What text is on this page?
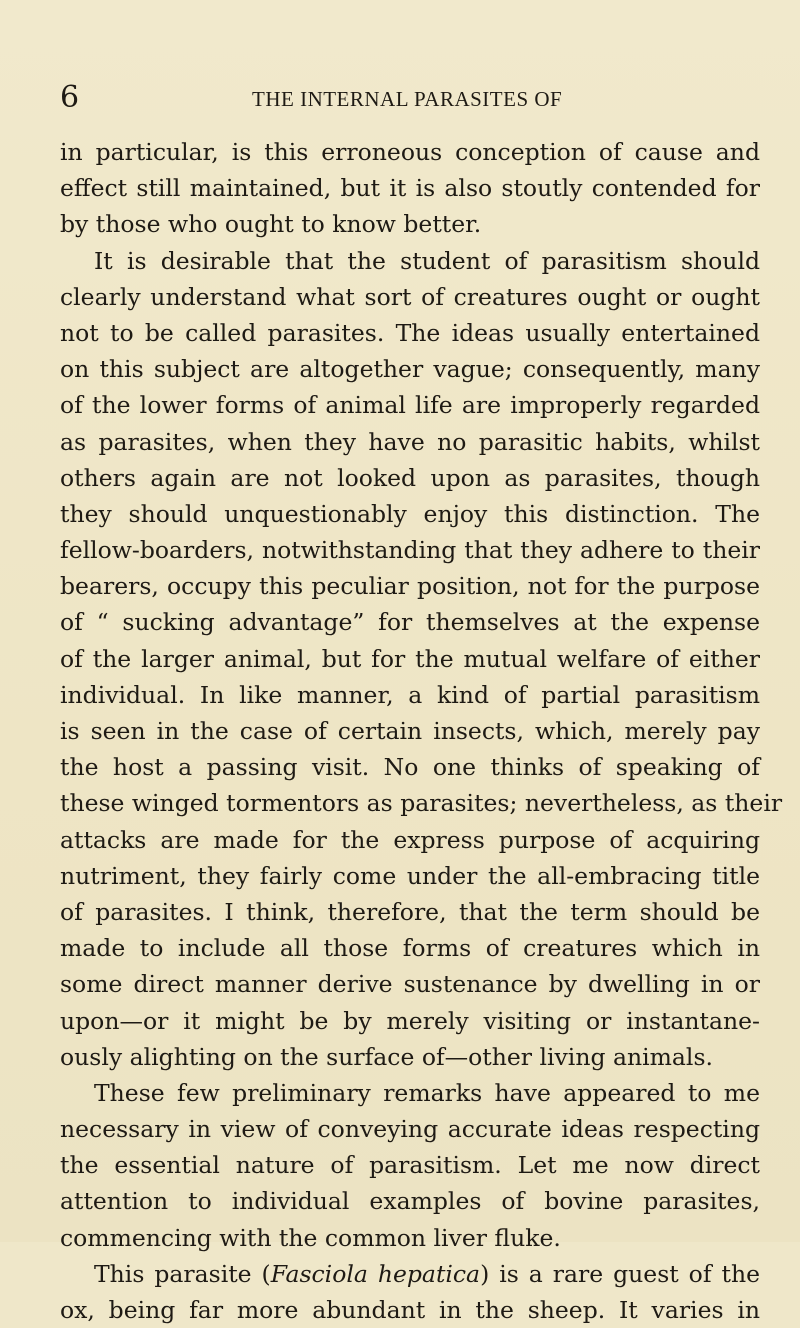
6	THE INTERNAL PARASITES OF
in particular, is this erroneous conception of cause and
effect still maintained, but it is also stoutly contended for
by those who ought to know better.
It is desirable that the student of parasitism should
clearly understand what sort of creatures ought or ought
not to be called parasites. The ideas usually entertained
on this subject are altogether vague; consequently, many
of the lower forms of animal life are improperly regarded
as parasites, when they have no parasitic habits, whilst
others again are not looked upon as parasites, though
they should unquestionably enjoy this distinction. The
fellow-boarders, notwithstanding that they adhere to their
bearers, occupy this peculiar position, not for the purpose
of “ sucking advantage” for themselves at the expense
of the larger animal, but for the mutual welfare of either
individual. In like manner, a kind of partial parasitism
is seen in the case of certain insects, which, merely pay
the host a passing visit. No one thinks of speaking of
these winged tormentors as parasites; nevertheless, as their
attacks are made for the express purpose of acquiring
nutriment, they fairly come under the all-embracing title
of parasites. I think, therefore, that the term should be
made to include all those forms of creatures which in
some direct manner derive sustenance by dwelling in or
upon—or it might be by merely visiting or instantane-
ously alighting on the surface of—other living animals.
These few preliminary remarks have appeared to me
necessary in view of conveying accurate ideas respecting
the essential nature of parasitism. Let me now direct
attention to individual examples of bovine parasites,
commencing with the common liver fluke.
This parasite (Fasciola hepatica) is a rare guest of the
ox, being far more abundant in the sheep. It varies in
